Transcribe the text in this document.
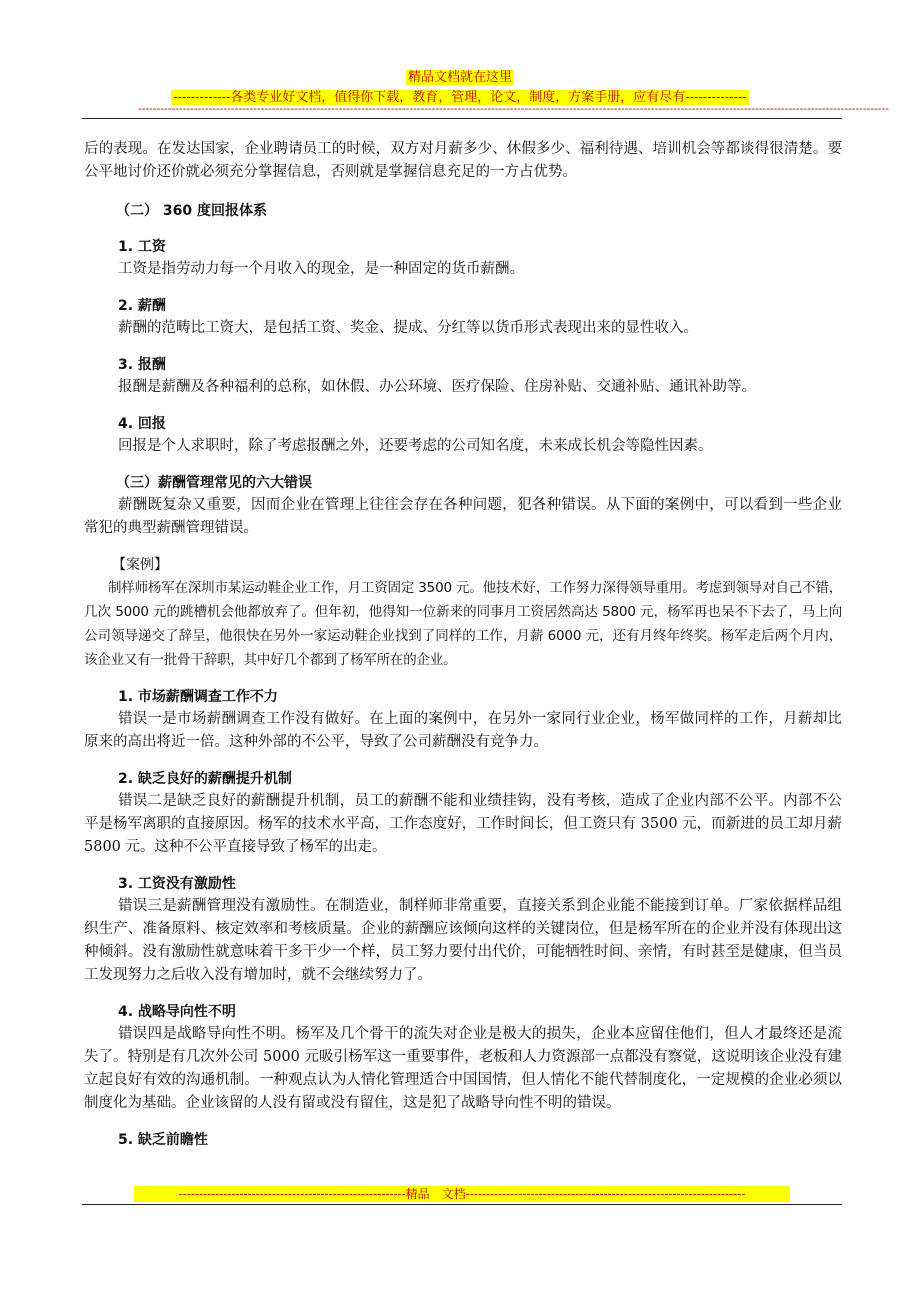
精品文档就在这里
-------------各类专业好文档，值得你下载，教育，管理，论文，制度，方案手册，应有尽有--------------
----------------------------------------------------------------------------------------------------------------------------------------------------------------------------------------------------------

后的表现。在发达国家，企业聘请员工的时候，双方对月薪多少、休假多少、福利待遇、培训机会等都谈得很清楚。要公平地讨价还价就必须充分掌握信息，否则就是掌握信息充足的一方占优势。

（二） 360 度回报体系
1. 工资

工资是指劳动力每一个月收入的现金，是一种固定的货币薪酬。

2. 薪酬

薪酬的范畴比工资大，是包括工资、奖金、提成、分红等以货币形式表现出来的显性收入。

3. 报酬

报酬是薪酬及各种福利的总称，如休假、办公环境、医疗保险、住房补贴、交通补贴、通讯补助等。

4. 回报

回报是个人求职时，除了考虑报酬之外，还要考虑的公司知名度，未来成长机会等隐性因素。

（三）薪酬管理常见的六大错误

薪酬既复杂又重要，因而企业在管理上往往会存在各种问题，犯各种错误。从下面的案例中，可以看到一些企业常犯的典型薪酬管理错误。

【案例】

制样师杨军在深圳市某运动鞋企业工作，月工资固定 3500 元。他技术好，工作努力深得领导重用。考虑到领导对自己不错，几次 5000 元的跳槽机会他都放弃了。但年初，他得知一位新来的同事月工资居然高达 5800 元，杨军再也呆不下去了，马上向公司领导递交了辞呈，他很快在另外一家运动鞋企业找到了同样的工作，月薪 6000 元，还有月终年终奖。杨军走后两个月内，该企业又有一批骨干辞职，其中好几个都到了杨军所在的企业。

1. 市场薪酬调查工作不力

错误一是市场薪酬调查工作没有做好。在上面的案例中，在另外一家同行业企业，杨军做同样的工作，月薪却比原来的高出将近一倍。这种外部的不公平，导致了公司薪酬没有竞争力。

2. 缺乏良好的薪酬提升机制

错误二是缺乏良好的薪酬提升机制，员工的薪酬不能和业绩挂钩，没有考核，造成了企业内部不公平。内部不公平是杨军离职的直接原因。杨军的技术水平高，工作态度好，工作时间长，但工资只有 3500 元，而新进的员工却月薪 5800 元。这种不公平直接导致了杨军的出走。

3. 工资没有激励性

错误三是薪酬管理没有激励性。在制造业，制样师非常重要，直接关系到企业能不能接到订单。厂家依据样品组织生产、准备原料、核定效率和考核质量。企业的薪酬应该倾向这样的关键岗位，但是杨军所在的企业并没有体现出这种倾斜。没有激励性就意味着干多干少一个样，员工努力要付出代价，可能牺牲时间、亲情，有时甚至是健康，但当员工发现努力之后收入没有增加时，就不会继续努力了。

4. 战略导向性不明

错误四是战略导向性不明。杨军及几个骨干的流失对企业是极大的损失，企业本应留住他们，但人才最终还是流失了。特别是有几次外公司 5000 元吸引杨军这一重要事件，老板和人力资源部一点都没有察觉，这说明该企业没有建立起良好有效的沟通机制。一种观点认为人情化管理适合中国国情，但人情化不能代替制度化，一定规模的企业必须以制度化为基础。企业该留的人没有留或没有留住，这是犯了战略导向性不明的错误。

5. 缺乏前瞻性
--------------------------------------------------------精品　文档---------------------------------------------------------------------
